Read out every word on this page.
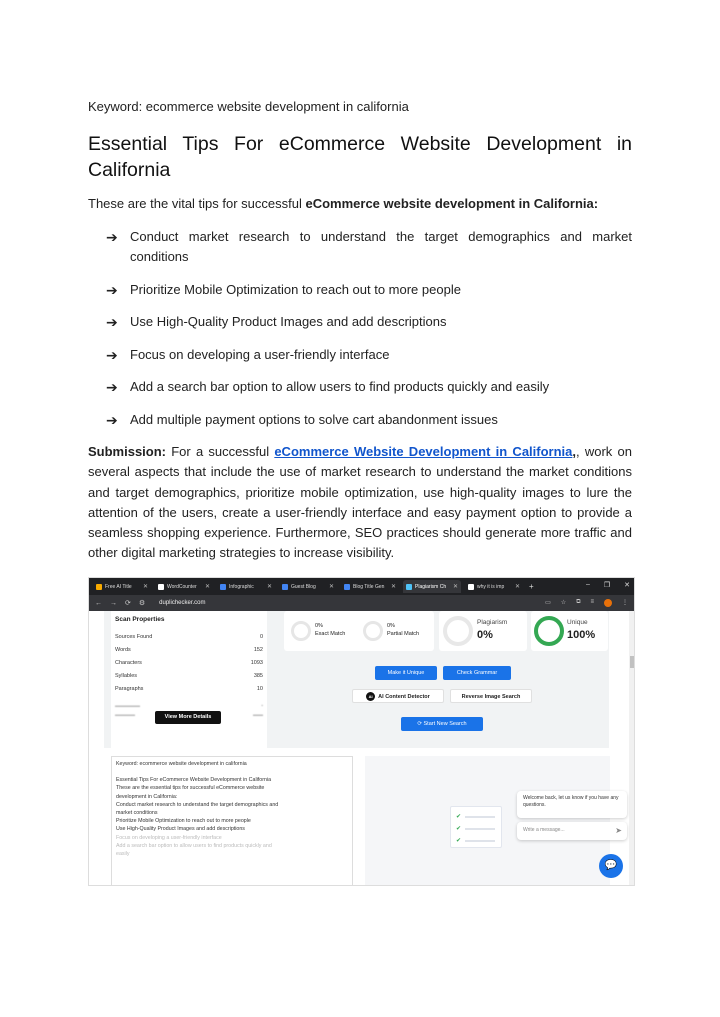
Keyword: ecommerce website development in california
Essential Tips For eCommerce Website Development in California
These are the vital tips for successful eCommerce website development in California:
➔ Conduct market research to understand the target demographics and market conditions
➔ Prioritize Mobile Optimization to reach out to more people
➔ Use High-Quality Product Images and add descriptions
➔ Focus on developing a user-friendly interface
➔ Add a search bar option to allow users to find products quickly and easily
➔ Add multiple payment options to solve cart abandonment issues
Submission: For a successful eCommerce Website Development in California,, work on several aspects that include the use of market research to understand the market conditions and target demographics, prioritize mobile optimization, use high-quality images to lure the attention of the users, create a user-friendly interface and easy payment option to provide a seamless shopping experience. Furthermore, SEO practices should generate more traffic and other digital marketing strategies to increase visibility.
Free AI Title	✕	WordCounter	✕	Infographic	✕	Guest Blog	✕	Blog Title Gen	✕	Plagiarism Ch	✕	why it is imp	✕ +	– ❐ ✕
← → ⟳ ⚙ duplichecker.com	▭ ☆ ⧉ ≡	⋮
Scan Properties
Sources Found	0
Words	152
Characters	1093
Syllables	385
Paragraphs	10
▬▬▬▬▬	▪
▬▬▬▬	▬▬
View More Details
0%
Exact Match
0%
Partial Match
Plagiarism
0%
Unique
100%
Make it Unique	Check Grammar
AI AI Content Detector	Reverse Image Search
⟳ Start New Search
Keyword: ecommerce website development in california
Essential Tips For eCommerce Website Development in California
These are the essential tips for successful eCommerce website
development in California:
Conduct market research to understand the target demographics and
market conditions
Prioritize Mobile Optimization to reach out to more people
Use High-Quality Product Images and add descriptions
Focus on developing a user-friendly interface
Add a search bar option to allow users to find products quickly and
easily
✔
✔
✔
Welcome back, let us know if you have any questions.
Write a message...	➤
💬
